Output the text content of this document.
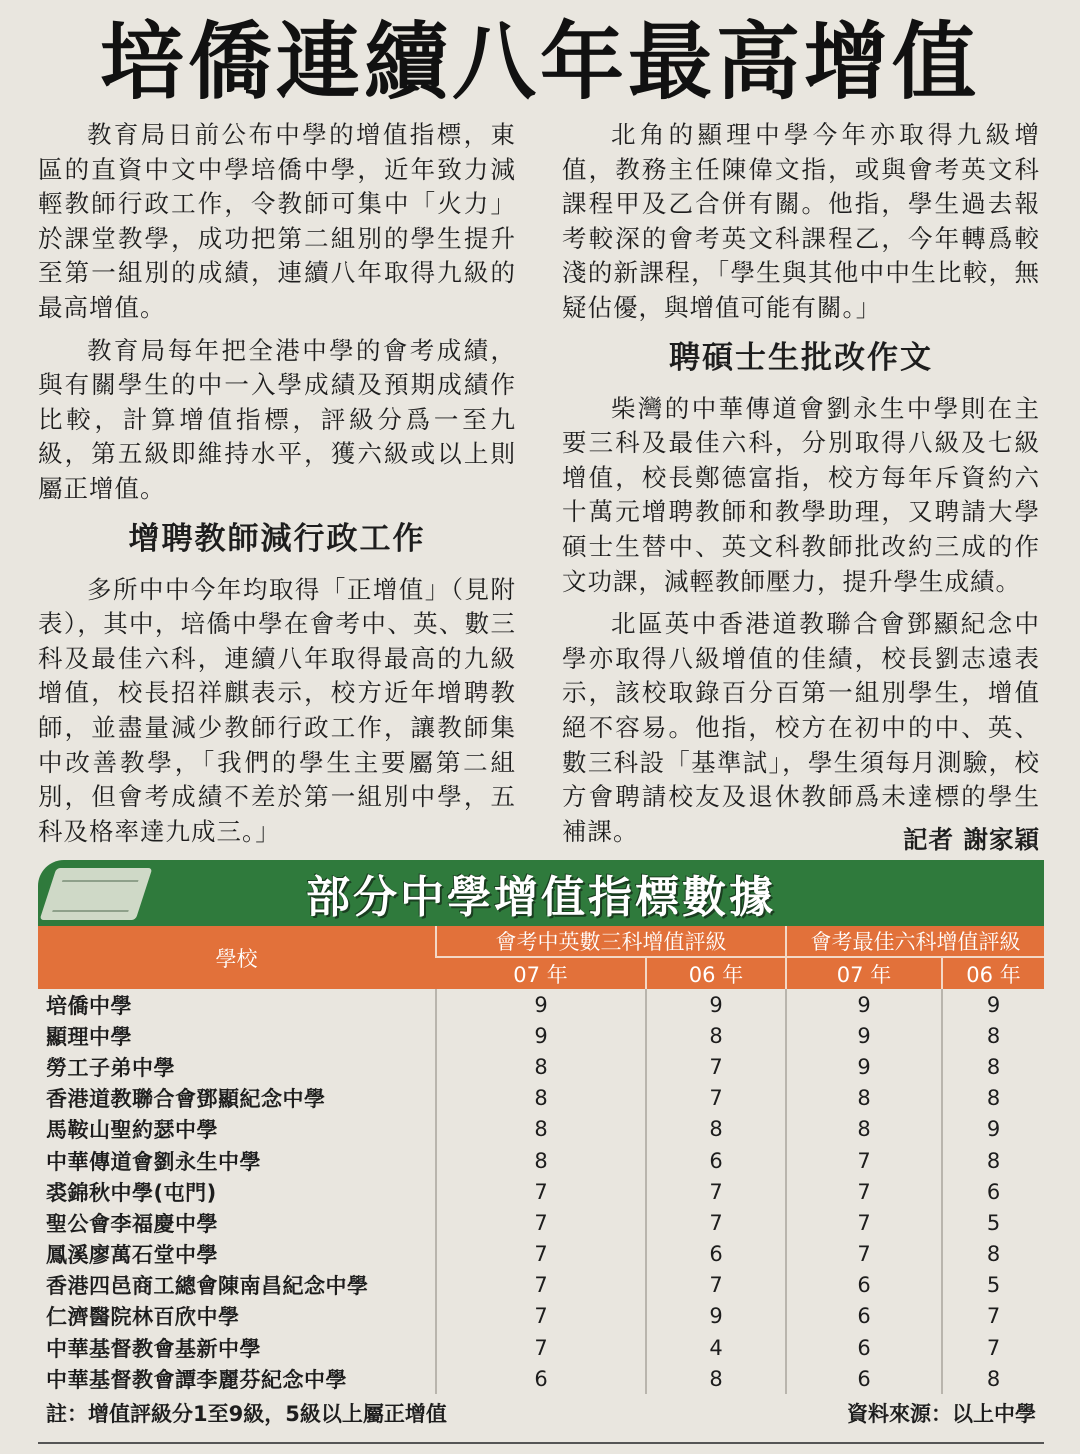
培僑連續八年最高增值

教育局日前公布中學的增值指標，東區的直資中文中學培僑中學，近年致力減輕教師行政工作，令教師可集中「火力」於課堂教學，成功把第二組別的學生提升至第一組別的成績，連續八年取得九級的最高增值。

教育局每年把全港中學的會考成績，與有關學生的中一入學成績及預期成績作比較，計算增值指標，評級分爲一至九級，第五級即維持水平，獲六級或以上則屬正增值。

增聘教師減行政工作

多所中中今年均取得「正增值」（見附表），其中，培僑中學在會考中、英、數三科及最佳六科，連續八年取得最高的九級增值，校長招祥麒表示，校方近年增聘教師，並盡量減少教師行政工作，讓教師集中改善教學，「我們的學生主要屬第二組別，但會考成績不差於第一組別中學，五科及格率達九成三。」

北角的顯理中學今年亦取得九級增值，教務主任陳偉文指，或與會考英文科課程甲及乙合併有關。他指，學生過去報考較深的會考英文科課程乙，今年轉爲較淺的新課程，「學生與其他中中生比較，無疑佔優，與增值可能有關。」

聘碩士生批改作文

柴灣的中華傳道會劉永生中學則在主要三科及最佳六科，分別取得八級及七級增值，校長鄭德富指，校方每年斥資約六十萬元增聘教師和教學助理，又聘請大學碩士生替中、英文科教師批改約三成的作文功課，減輕教師壓力，提升學生成績。

北區英中香港道教聯合會鄧顯紀念中學亦取得八級增值的佳績，校長劉志遠表示，該校取錄百分百第一組別學生，增值絕不容易。他指，校方在初中的中、英、數三科設「基準試」，學生須每月測驗，校方會聘請校友及退休教師爲未達標的學生補課。	記者 謝家穎
部分中學增值指標數據
學校	會考中英數三科增值評級		會考最佳六科增值評級	
	07 年	06 年	07 年	06 年
培僑中學	9	9	9	9
顯理中學	9	8	9	8
勞工子弟中學	8	7	9	8
香港道教聯合會鄧顯紀念中學	8	7	8	8
馬鞍山聖約瑟中學	8	8	8	9
中華傳道會劉永生中學	8	6	7	8
裘錦秋中學(屯門)	7	7	7	6
聖公會李福慶中學	7	7	7	5
鳳溪廖萬石堂中學	7	6	7	8
香港四邑商工總會陳南昌紀念中學	7	7	6	5
仁濟醫院林百欣中學	7	9	6	7
中華基督教會基新中學	7	4	6	7
中華基督教會譚李麗芬紀念中學	6	8	6	8
註：增值評級分1至9級，5級以上屬正增值	資料來源：以上中學
